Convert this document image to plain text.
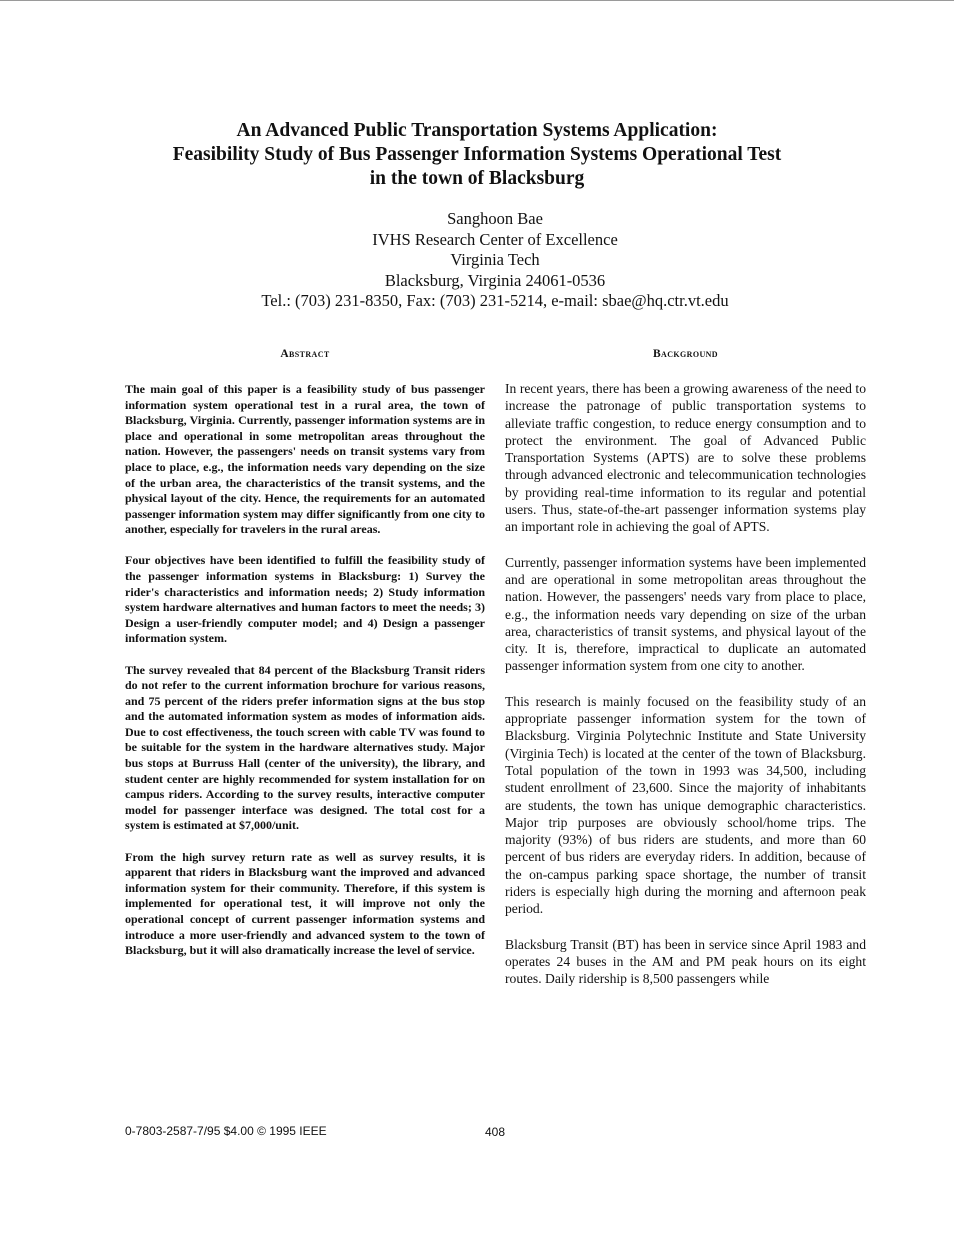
An Advanced Public Transportation Systems Application:
Feasibility Study of Bus Passenger Information Systems Operational Test
in the town of Blacksburg
Sanghoon Bae
IVHS Research Center of Excellence
Virginia Tech
Blacksburg, Virginia 24061-0536
Tel.: (703) 231-8350, Fax: (703) 231-5214, e-mail: sbae@hq.ctr.vt.edu
Abstract	Background

The main goal of this paper is a feasibility study of bus passenger information system operational test in a rural area, the town of Blacksburg, Virginia. Currently, passenger information systems are in place and operational in some metropolitan areas throughout the nation. However, the passengers' needs on transit systems vary from place to place, e.g., the information needs vary depending on the size of the urban area, the characteristics of the transit systems, and the physical layout of the city. Hence, the requirements for an automated passenger information system may differ significantly from one city to another, especially for travelers in the rural areas.

Four objectives have been identified to fulfill the feasibility study of the passenger information systems in Blacksburg: 1) Survey the rider's characteristics and information needs; 2) Study information system hardware alternatives and human factors to meet the needs; 3) Design a user-friendly computer model; and 4) Design a passenger information system.

The survey revealed that 84 percent of the Blacksburg Transit riders do not refer to the current information brochure for various reasons, and 75 percent of the riders prefer information signs at the bus stop and the automated information system as modes of information aids. Due to cost effectiveness, the touch screen with cable TV was found to be suitable for the system in the hardware alternatives study. Major bus stops at Burruss Hall (center of the university), the library, and student center are highly recommended for system installation for on campus riders. According to the survey results, interactive computer model for passenger interface was designed. The total cost for a system is estimated at $7,000/unit.

From the high survey return rate as well as survey results, it is apparent that riders in Blacksburg want the improved and advanced information system for their community. Therefore, if this system is implemented for operational test, it will improve not only the operational concept of current passenger information systems and introduce a more user-friendly and advanced system to the town of Blacksburg, but it will also dramatically increase the level of service.

In recent years, there has been a growing awareness of the need to increase the patronage of public transportation systems to alleviate traffic congestion, to reduce energy consumption and to protect the environment. The goal of Advanced Public Transportation Systems (APTS) are to solve these problems through advanced electronic and telecommunication technologies by providing real-time information to its regular and potential users. Thus, state-of-the-art passenger information systems play an important role in achieving the goal of APTS.

Currently, passenger information systems have been implemented and are operational in some metropolitan areas throughout the nation. However, the passengers' needs vary from place to place, e.g., the information needs vary depending on size of the urban area, characteristics of transit systems, and physical layout of the city. It is, therefore, impractical to duplicate an automated passenger information system from one city to another.

This research is mainly focused on the feasibility study of an appropriate passenger information system for the town of Blacksburg. Virginia Polytechnic Institute and State University (Virginia Tech) is located at the center of the town of Blacksburg. Total population of the town in 1993 was 34,500, including student enrollment of 23,600. Since the majority of inhabitants are students, the town has unique demographic characteristics. Major trip purposes are obviously school/home trips. The majority (93%) of bus riders are students, and more than 60 percent of bus riders are everyday riders. In addition, because of the on-campus parking space shortage, the number of transit riders is especially high during the morning and afternoon peak period.

Blacksburg Transit (BT) has been in service since April 1983 and operates 24 buses in the AM and PM peak hours on its eight routes. Daily ridership is 8,500 passengers while

0-7803-2587-7/95 $4.00 © 1995 IEEE	408
